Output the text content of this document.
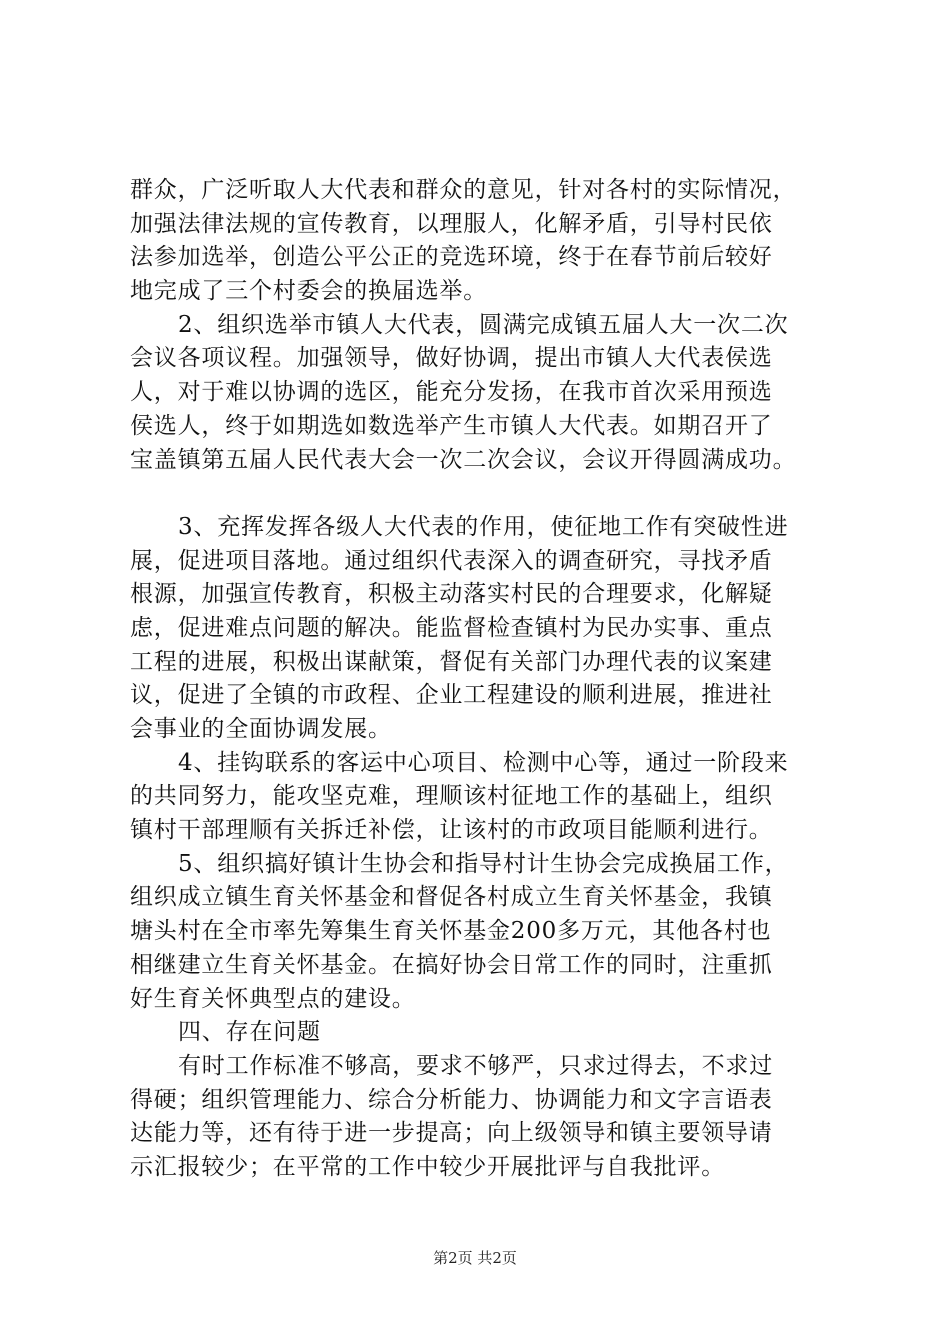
群众，广泛听取人大代表和群众的意见，针对各村的实际情况，
加强法律法规的宣传教育，以理服人，化解矛盾，引导村民依
法参加选举，创造公平公正的竞选环境，终于在春节前后较好
地完成了三个村委会的换届选举。
2、组织选举市镇人大代表，圆满完成镇五届人大一次二次
会议各项议程。加强领导，做好协调，提出市镇人大代表侯选
人，对于难以协调的选区，能充分发扬，在我市首次采用预选
侯选人，终于如期选如数选举产生市镇人大代表。如期召开了
宝盖镇第五届人民代表大会一次二次会议，会议开得圆满成功。
3、充挥发挥各级人大代表的作用，使征地工作有突破性进
展，促进项目落地。通过组织代表深入的调查研究，寻找矛盾
根源，加强宣传教育，积极主动落实村民的合理要求，化解疑
虑，促进难点问题的解决。能监督检查镇村为民办实事、重点
工程的进展，积极出谋献策，督促有关部门办理代表的议案建
议，促进了全镇的市政程、企业工程建设的顺利进展，推进社
会事业的全面协调发展。
4、挂钩联系的客运中心项目、检测中心等，通过一阶段来
的共同努力，能攻坚克难，理顺该村征地工作的基础上，组织
镇村干部理顺有关拆迁补偿，让该村的市政项目能顺利进行。
5、组织搞好镇计生协会和指导村计生协会完成换届工作，
组织成立镇生育关怀基金和督促各村成立生育关怀基金，我镇
塘头村在全市率先筹集生育关怀基金200多万元，其他各村也
相继建立生育关怀基金。在搞好协会日常工作的同时，注重抓
好生育关怀典型点的建设。
四、存在问题
有时工作标准不够高，要求不够严，只求过得去，不求过
得硬；组织管理能力、综合分析能力、协调能力和文字言语表
达能力等，还有待于进一步提高；向上级领导和镇主要领导请
示汇报较少；在平常的工作中较少开展批评与自我批评。
第2页 共2页
